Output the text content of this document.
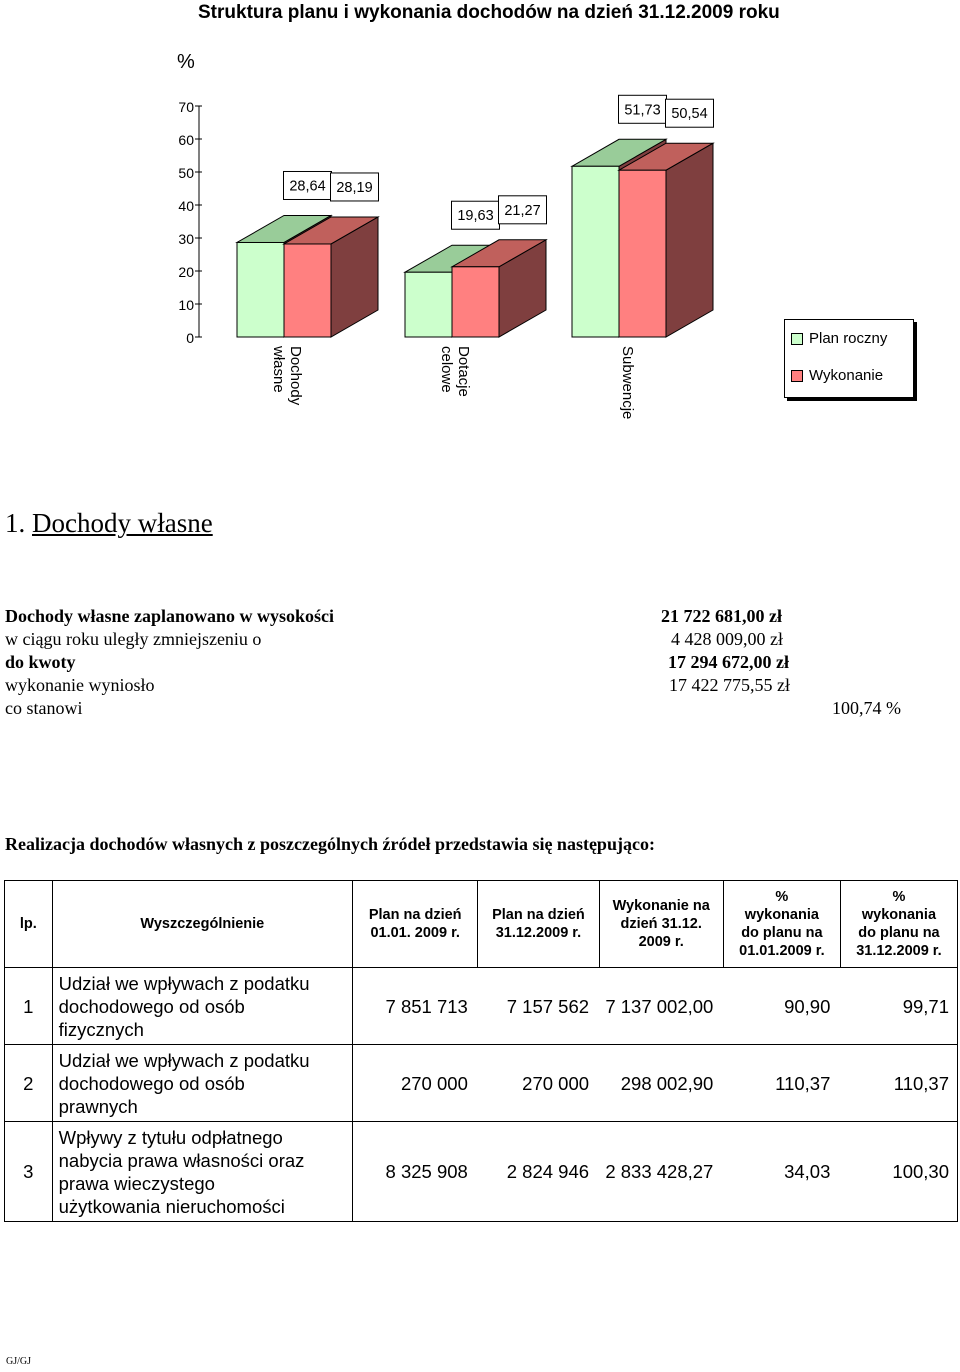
Struktura planu i wykonania dochodów na dzień 31.12.2009 roku
%
0
10
20
30
40
50
60
70
28,64 28,19
Dochodywłasne
19,63 21,27
Dotacjecelowe
51,73 50,54
Subwencje
Plan roczny
Wykonanie
1. Dochody własne
Dochody własne zaplanowano w wysokości	21 722 681,00 zł
w ciągu roku uległy zmniejszeniu o	4 428 009,00 zł
do kwoty	17 294 672,00 zł
wykonanie wyniosło	17 422 775,55 zł
co stanowi	100,74 %
Realizacja dochodów własnych z poszczególnych źródeł przedstawia się następująco:
lp.	Wyszczególnienie	Plan na dzień
01.01. 2009 r.	Plan na dzień
31.12.2009 r.	Wykonanie na
dzień 31.12.
2009 r.	%
wykonania
do planu na
01.01.2009 r.	%
wykonania
do planu na
31.12.2009 r.
1	Udział we wpływach z podatku
dochodowego od osób
fizycznych	7 851 713	7 157 562	7 137 002,00	90,90	99,71
2	Udział we wpływach z podatku
dochodowego od osób
prawnych	270 000	270 000	298 002,90	110,37	110,37
3	Wpływy z tytułu odpłatnego
nabycia prawa własności oraz
prawa wieczystego
użytkowania nieruchomości	8 325 908	2 824 946	2 833 428,27	34,03	100,30
GJ/GJ
